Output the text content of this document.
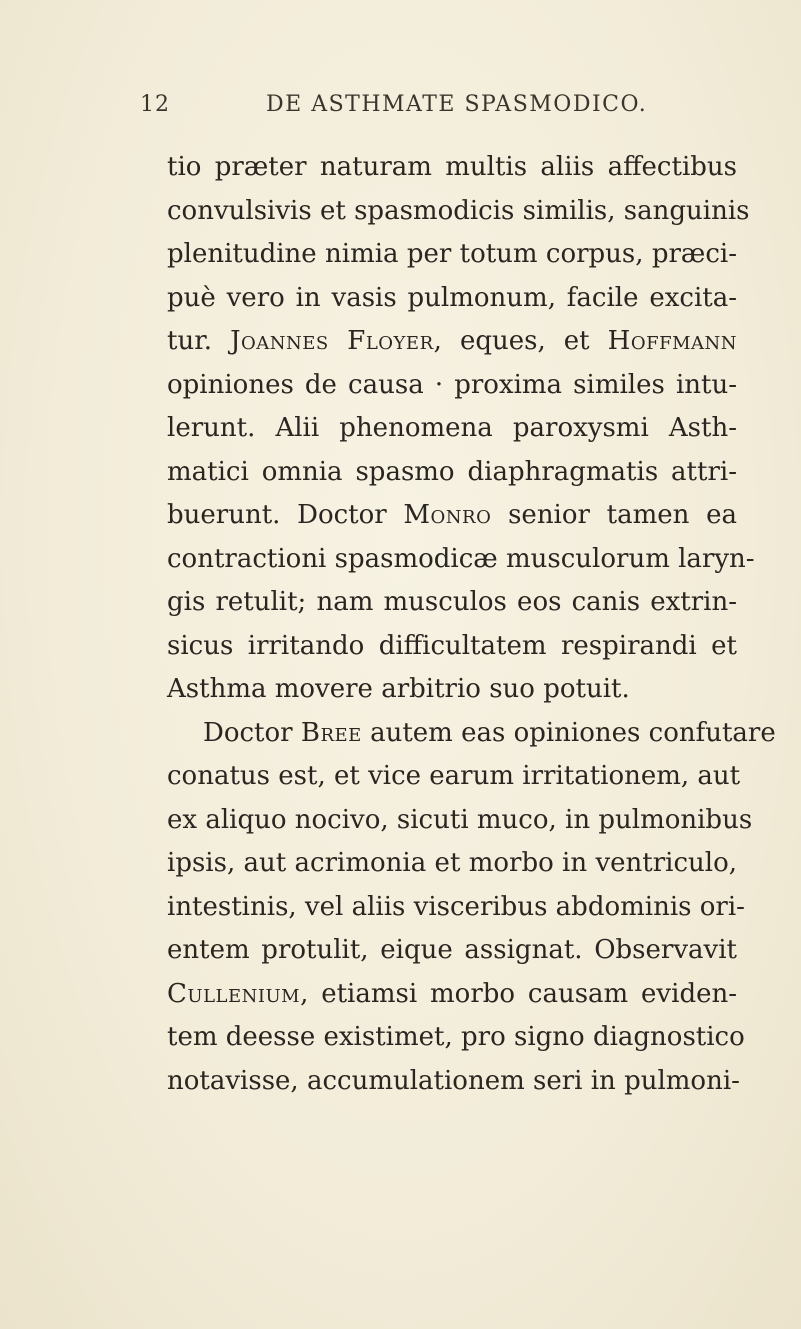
12	DE ASTHMATE SPASMODICO.
tio præter naturam multis aliis affectibus
convulsivis et spasmodicis similis, sanguinis
plenitudine nimia per totum corpus, præci-
puè vero in vasis pulmonum, facile excita-
tur. Joannes Floyer, eques, et Hoffmann
opiniones de causa · proxima similes intu-
lerunt. Alii phenomena paroxysmi Asth-
matici omnia spasmo diaphragmatis attri-
buerunt. Doctor Monro senior tamen ea
contractioni spasmodicæ musculorum laryn-
gis retulit; nam musculos eos canis extrin-
sicus irritando difficultatem respirandi et
Asthma movere arbitrio suo potuit.
Doctor Bree autem eas opiniones confutare
conatus est, et vice earum irritationem, aut
ex aliquo nocivo, sicuti muco, in pulmonibus
ipsis, aut acrimonia et morbo in ventriculo,
intestinis, vel aliis visceribus abdominis ori-
entem protulit, eique assignat. Observavit
Cullenium, etiamsi morbo causam eviden-
tem deesse existimet, pro signo diagnostico
notavisse, accumulationem seri in pulmoni-
